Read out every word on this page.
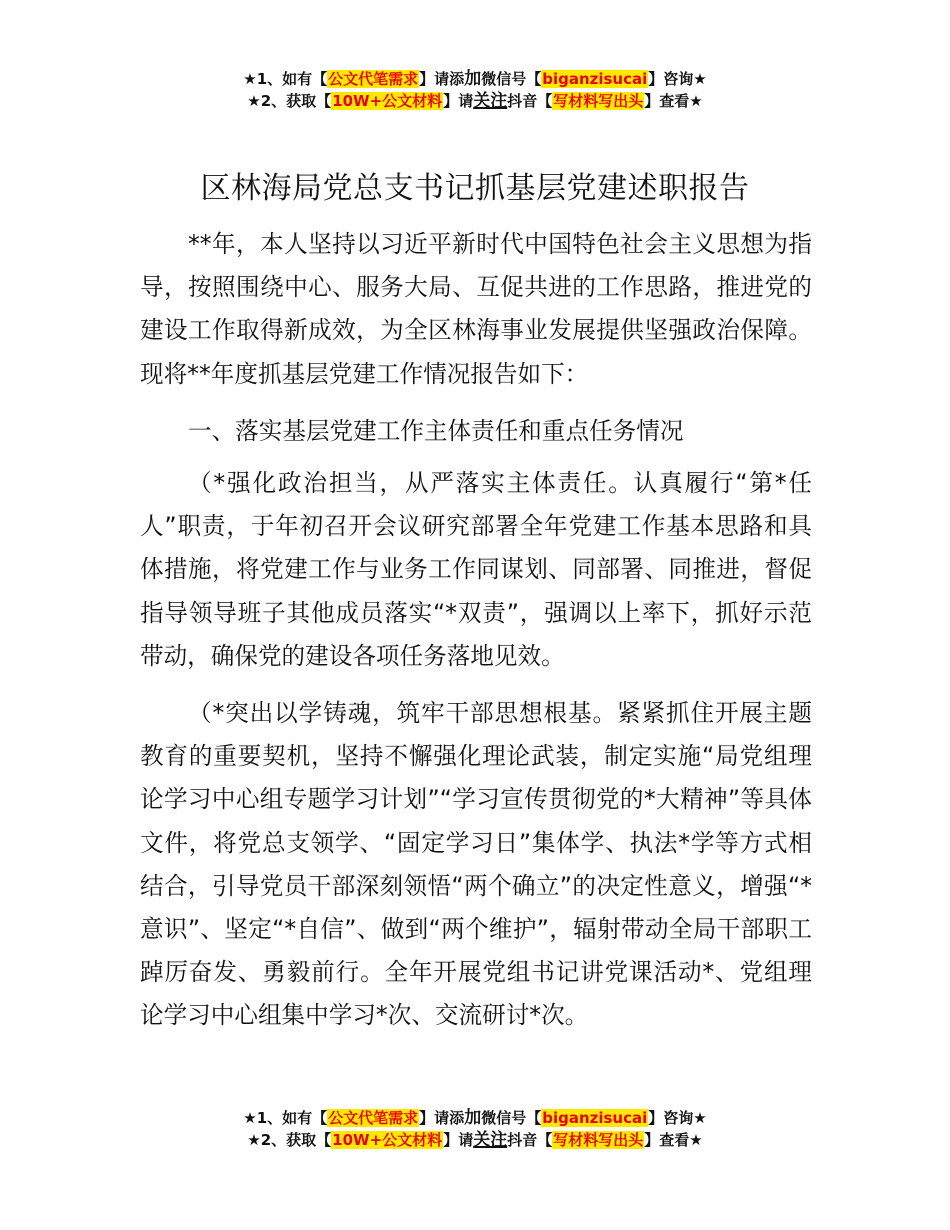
★1、如有【公文代笔需求】请添加微信号【biganzisucai】咨询★
★2、获取【10W+公文材料】请关注抖音【写材料写出头】查看★
区林海局党总支书记抓基层党建述职报告

**年，本人坚持以习近平新时代中国特色社会主义思想为指导，按照围绕中心、服务大局、互促共进的工作思路，推进党的建设工作取得新成效，为全区林海事业发展提供坚强政治保障。现将**年度抓基层党建工作情况报告如下：

一、落实基层党建工作主体责任和重点任务情况

（*强化政治担当，从严落实主体责任。认真履行“第*任人”职责，于年初召开会议研究部署全年党建工作基本思路和具体措施，将党建工作与业务工作同谋划、同部署、同推进，督促指导领导班子其他成员落实“*双责”，强调以上率下，抓好示范带动，确保党的建设各项任务落地见效。

（*突出以学铸魂，筑牢干部思想根基。紧紧抓住开展主题教育的重要契机，坚持不懈强化理论武装，制定实施“局党组理论学习中心组专题学习计划”“学习宣传贯彻党的*大精神”等具体文件，将党总支领学、“固定学习日”集体学、执法*学等方式相结合，引导党员干部深刻领悟“两个确立”的决定性意义，增强“*意识”、坚定“*自信”、做到“两个维护”，辐射带动全局干部职工踔厉奋发、勇毅前行。全年开展党组书记讲党课活动*、党组理论学习中心组集中学习*次、交流研讨*次。

★1、如有【公文代笔需求】请添加微信号【biganzisucai】咨询★
★2、获取【10W+公文材料】请关注抖音【写材料写出头】查看★
